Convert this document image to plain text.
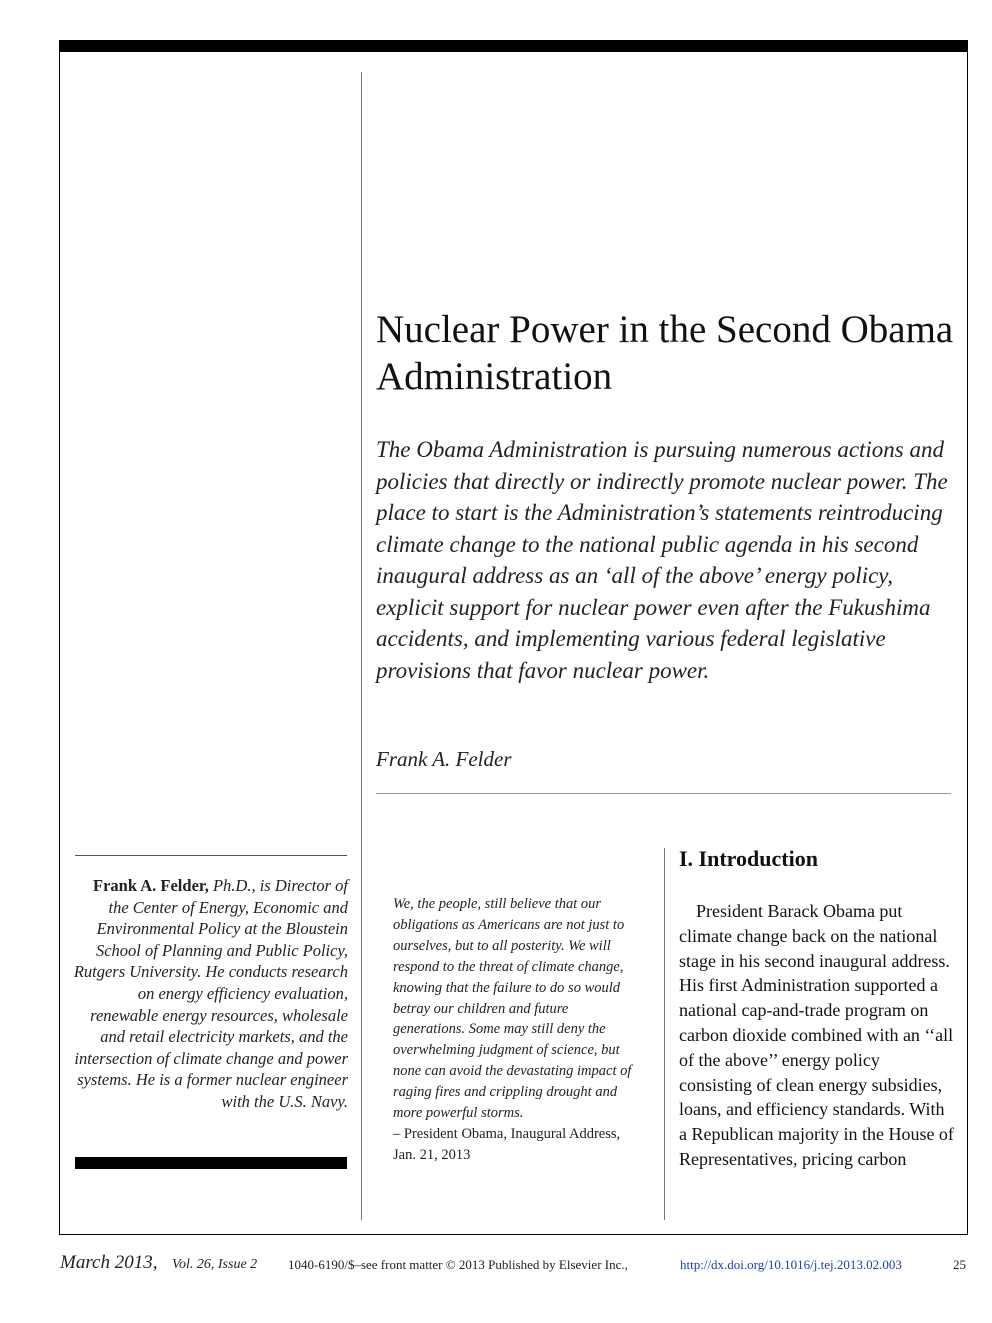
Nuclear Power in the Second Obama Administration

The Obama Administration is pursuing numerous actions and policies that directly or indirectly promote nuclear power. The place to start is the Administration’s statements reintroducing climate change to the national public agenda in his second inaugural address as an ‘all of the above’ energy policy, explicit support for nuclear power even after the Fukushima accidents, and implementing various federal legislative provisions that favor nuclear power.

Frank A. Felder

Frank A. Felder, Ph.D., is Director of the Center of Energy, Economic and Environmental Policy at the Bloustein School of Planning and Public Policy, Rutgers University. He conducts research on energy efficiency evaluation, renewable energy resources, wholesale and retail electricity markets, and the intersection of climate change and power systems. He is a former nuclear engineer with the U.S. Navy.

We, the people, still believe that our obligations as Americans are not just to ourselves, but to all posterity. We will respond to the threat of climate change, knowing that the failure to do so would betray our children and future generations. Some may still deny the overwhelming judgment of science, but none can avoid the devastating impact of raging fires and crippling drought and more powerful storms.

– President Obama, Inaugural Address, Jan. 21, 2013

I. Introduction

President Barack Obama put climate change back on the national stage in his second inaugural address. His first Administration supported a national cap-and-trade program on carbon dioxide combined with an ‘‘all of the above’’ energy policy consisting of clean energy subsidies, loans, and efficiency standards. With a Republican majority in the House of Representatives, pricing carbon

March 2013, Vol. 26, Issue 2 1040-6190/$–see front matter © 2013 Published by Elsevier Inc.,	http://dx.doi.org/10.1016/j.tej.2013.02.003	25
